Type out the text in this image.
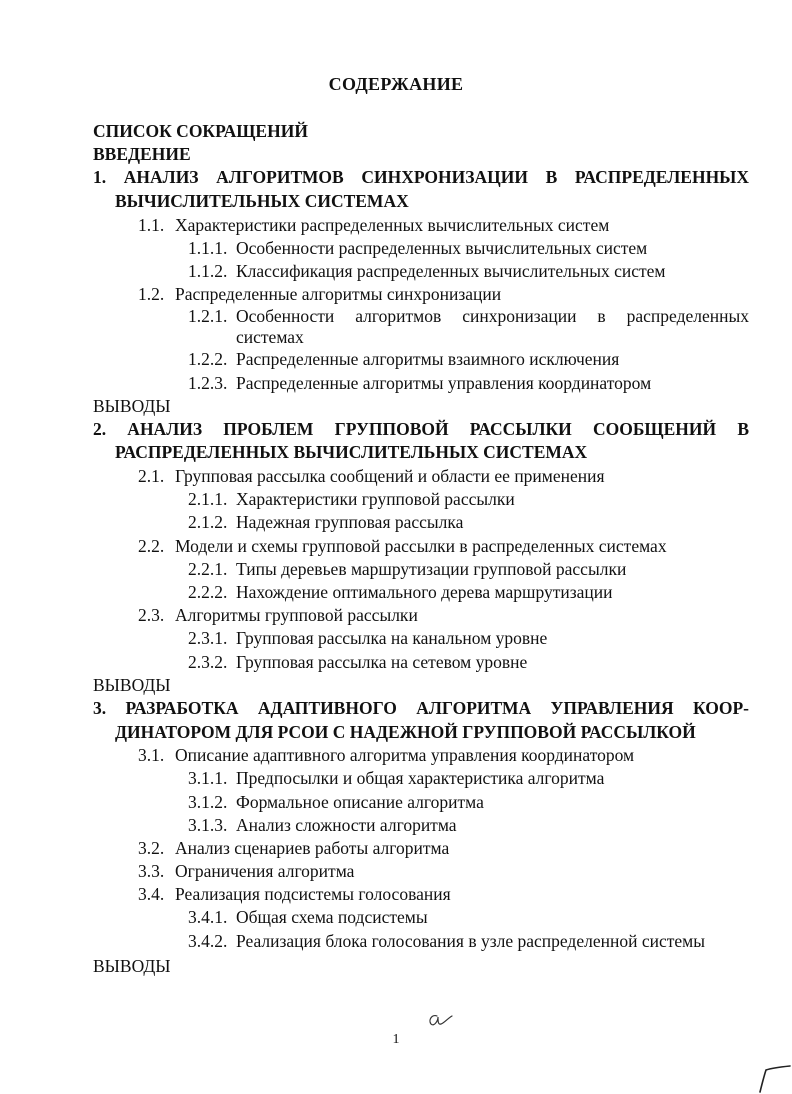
СОДЕРЖАНИЕ
СПИСОК СОКРАЩЕНИЙ
ВВЕДЕНИЕ
1. АНАЛИЗ АЛГОРИТМОВ СИНХРОНИЗАЦИИ В РАСПРЕДЕЛЕННЫХ
ВЫЧИСЛИТЕЛЬНЫХ СИСТЕМАХ
1.1. Характеристики распределенных вычислительных систем
1.1.1. Особенности распределенных вычислительных систем
1.1.2. Классификация распределенных вычислительных систем
1.2. Распределенные алгоритмы синхронизации
1.2.1. Особенности алгоритмов синхронизации в распределенных
системах
1.2.2. Распределенные алгоритмы взаимного исключения
1.2.3. Распределенные алгоритмы управления координатором
ВЫВОДЫ
2. АНАЛИЗ ПРОБЛЕМ ГРУППОВОЙ РАССЫЛКИ СООБЩЕНИЙ В
РАСПРЕДЕЛЕННЫХ ВЫЧИСЛИТЕЛЬНЫХ СИСТЕМАХ
2.1. Групповая рассылка сообщений и области ее применения
2.1.1. Характеристики групповой рассылки
2.1.2. Надежная групповая рассылка
2.2. Модели и схемы групповой рассылки в распределенных системах
2.2.1. Типы деревьев маршрутизации групповой рассылки
2.2.2. Нахождение оптимального дерева маршрутизации
2.3. Алгоритмы групповой рассылки
2.3.1. Групповая рассылка на канальном уровне
2.3.2. Групповая рассылка на сетевом уровне
ВЫВОДЫ
3. РАЗРАБОТКА АДАПТИВНОГО АЛГОРИТМА УПРАВЛЕНИЯ КООР-
ДИНАТОРОМ ДЛЯ РСОИ С НАДЕЖНОЙ ГРУППОВОЙ РАССЫЛКОЙ
3.1. Описание адаптивного алгоритма управления координатором
3.1.1. Предпосылки и общая характеристика алгоритма
3.1.2. Формальное описание алгоритма
3.1.3. Анализ сложности алгоритма
3.2. Анализ сценариев работы алгоритма
3.3. Ограничения алгоритма
3.4. Реализация подсистемы голосования
3.4.1. Общая схема подсистемы
3.4.2. Реализация блока голосования в узле распределенной системы
ВЫВОДЫ
1
